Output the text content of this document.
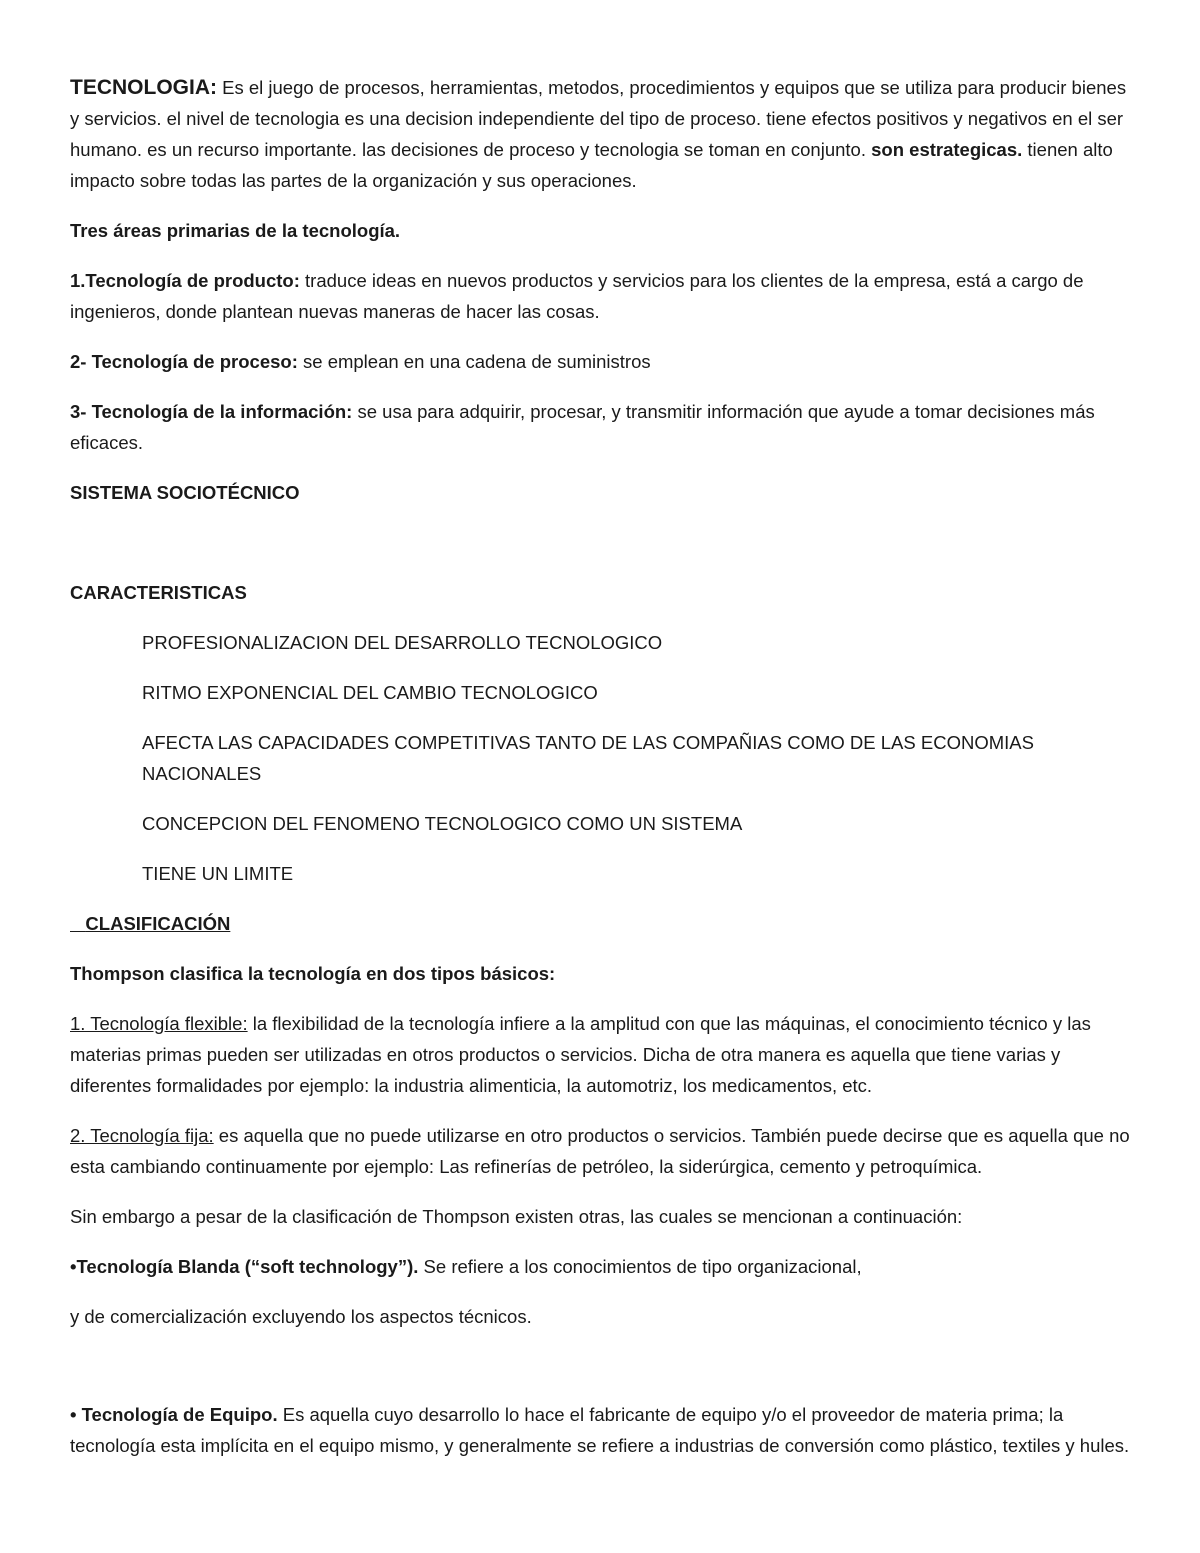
TECNOLOGIA: Es el juego de procesos, herramientas, metodos, procedimientos y equipos que se utiliza para producir bienes y servicios. el nivel de tecnologia es una decision independiente del tipo de proceso. tiene efectos positivos y negativos en el ser humano. es un recurso importante. las decisiones de proceso y tecnologia se toman en conjunto. son estrategicas. tienen alto impacto sobre todas las partes de la organización y sus operaciones.

Tres áreas primarias de la tecnología.

1.Tecnología de producto: traduce ideas en nuevos productos y servicios para los clientes de la empresa, está a cargo de ingenieros, donde plantean nuevas maneras de hacer las cosas.

2- Tecnología de proceso: se emplean en una cadena de suministros

3- Tecnología de la información: se usa para adquirir, procesar, y transmitir información que ayude a tomar decisiones más eficaces.

SISTEMA SOCIOTÉCNICO

CARACTERISTICAS

PROFESIONALIZACION DEL DESARROLLO TECNOLOGICO
RITMO EXPONENCIAL DEL CAMBIO TECNOLOGICO
AFECTA LAS CAPACIDADES COMPETITIVAS TANTO DE LAS COMPAÑIAS COMO DE LAS ECONOMIAS NACIONALES
CONCEPCION DEL FENOMENO TECNOLOGICO COMO UN SISTEMA
TIENE UN LIMITE

CLASIFICACIÓN

Thompson clasifica la tecnología en dos tipos básicos:

1. Tecnología flexible: la flexibilidad de la tecnología infiere a la amplitud con que las máquinas, el conocimiento técnico y las materias primas pueden ser utilizadas en otros productos o servicios. Dicha de otra manera es aquella que tiene varias y diferentes formalidades por ejemplo: la industria alimenticia, la automotriz, los medicamentos, etc.

2. Tecnología fija: es aquella que no puede utilizarse en otro productos o servicios. También puede decirse que es aquella que no esta cambiando continuamente por ejemplo: Las refinerías de petróleo, la siderúrgica, cemento y petroquímica.

Sin embargo a pesar de la clasificación de Thompson existen otras, las cuales se mencionan a continuación:

•Tecnología Blanda (“soft technology”). Se refiere a los conocimientos de tipo organizacional,

y de comercialización excluyendo los aspectos técnicos.

• Tecnología de Equipo. Es aquella cuyo desarrollo lo hace el fabricante de equipo y/o el proveedor de materia prima; la tecnología esta implícita en el equipo mismo, y generalmente se refiere a industrias de conversión como plástico, textiles y hules.
